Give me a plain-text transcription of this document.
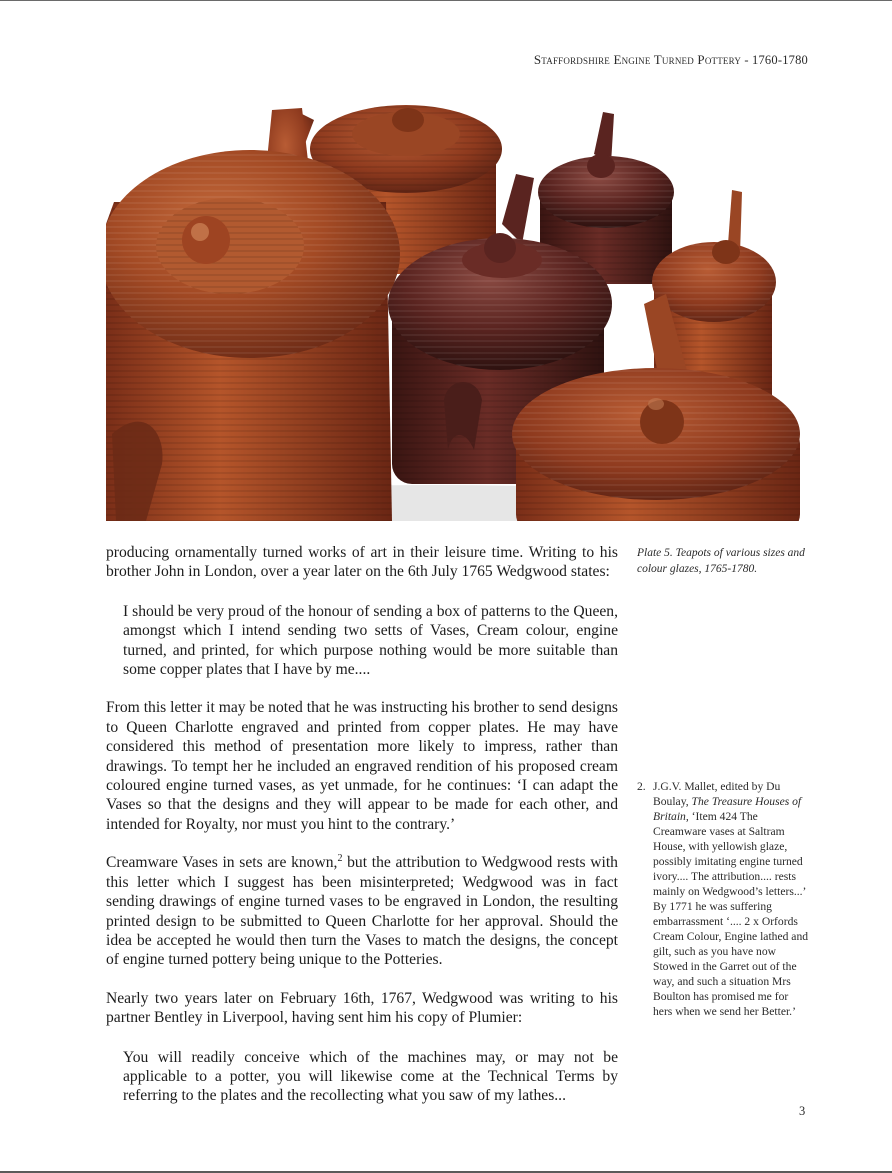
Staffordshire Engine Turned Pottery - 1760-1780

producing ornamentally turned works of art in their leisure time. Writing to his brother John in London, over a year later on the 6th July 1765 Wedgwood states:

I should be very proud of the honour of sending a box of patterns to the Queen, amongst which I intend sending two setts of Vases, Cream colour, engine turned, and printed, for which purpose nothing would be more suitable than some copper plates that I have by me....

From this letter it may be noted that he was instructing his brother to send designs to Queen Charlotte engraved and printed from copper plates. He may have considered this method of presentation more likely to impress, rather than drawings. To tempt her he included an engraved rendition of his proposed cream coloured engine turned vases, as yet unmade, for he continues: ‘I can adapt the Vases so that the designs and they will appear to be made for each other, and intended for Royalty, nor must you hint to the contrary.’

Creamware Vases in sets are known,$^2$ but the attribution to Wedgwood rests with this letter which I suggest has been misinterpreted; Wedgwood was in fact sending drawings of engine turned vases to be engraved in London, the resulting printed design to be submitted to Queen Charlotte for her approval. Should the idea be accepted he would then turn the Vases to match the designs, the concept of engine turned pottery being unique to the Potteries.

Nearly two years later on February 16th, 1767, Wedgwood was writing to his partner Bentley in Liverpool, having sent him his copy of Plumier:

You will readily conceive which of the machines may, or may not be applicable to a potter, you will likewise come at the Technical Terms by referring to the plates and the recollecting what you saw of my lathes...
Plate 5. Teapots of various sizes and colour glazes, 1765-1780.
2. J.G.V. Mallet, edited by Du Boulay, The Treasure Houses of Britain, ‘Item 424 The Creamware vases at Saltram House, with yellowish glaze, possibly imitating engine turned ivory.... The attribution.... rests mainly on Wedgwood’s letters...’ By 1771 he was suffering embarrassment ‘.... 2 x Orfords Cream Colour, Engine lathed and gilt, such as you have now Stowed in the Garret out of the way, and such a situation Mrs Boulton has promised me for hers when we send her Better.’
3
